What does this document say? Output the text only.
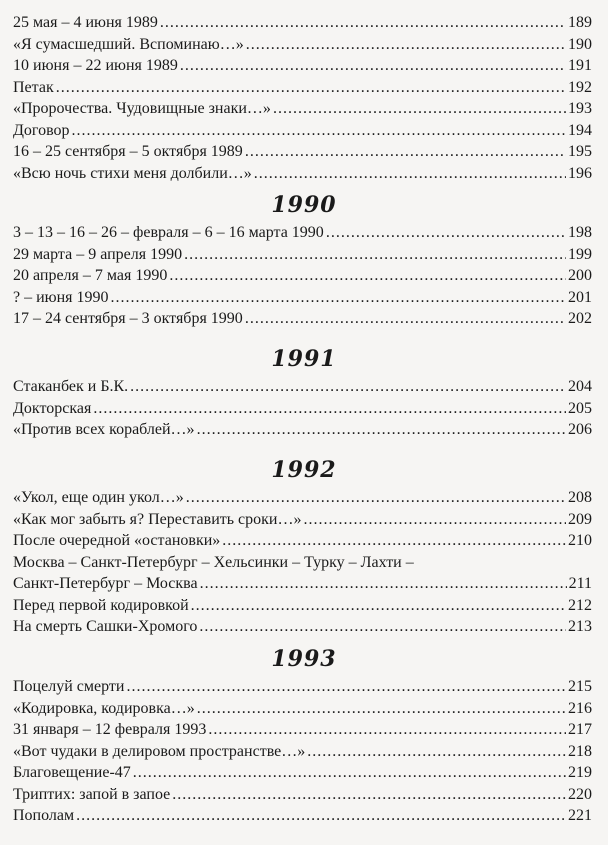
25 мая – 4 июня 1989 .....	189
«Я сумасшедший. Вспоминаю…» .....	190
10 июня – 22 июня 1989 .....	191
Петак .....	192
«Пророчества. Чудовищные знаки…» .....	193
Договор .....	194
16 – 25 сентября – 5 октября 1989 .....	195
«Всю ночь стихи меня долбили…» .....	196
1990
3 – 13 – 16 – 26 – февраля – 6 – 16 марта 1990 .....	198
29 марта – 9 апреля 1990 .....	199
20 апреля – 7 мая 1990 .....	200
? – июня 1990 .....	201
17 – 24 сентября – 3 октября 1990 .....	202
1991
Стаканбек и Б.К. .....	204
Докторская .....	205
«Против всех кораблей…» .....	206
1992
«Укол, еще один укол…» .....	208
«Как мог забыть я? Переставить сроки…» .....	209
После очередной «остановки» .....	210
Москва – Санкт-Петербург – Хельсинки – Турку – Лахти –
Санкт-Петербург – Москва .....	211
Перед первой кодировкой .....	212
На смерть Сашки-Хромого .....	213
1993
Поцелуй смерти .....	215
«Кодировка, кодировка…» .....	216
31 января – 12 февраля 1993 .....	217
«Вот чудаки в делировом пространстве…» .....	218
Благовещение-47 .....	219
Триптих: запой в запое .....	220
Пополам .....	221
